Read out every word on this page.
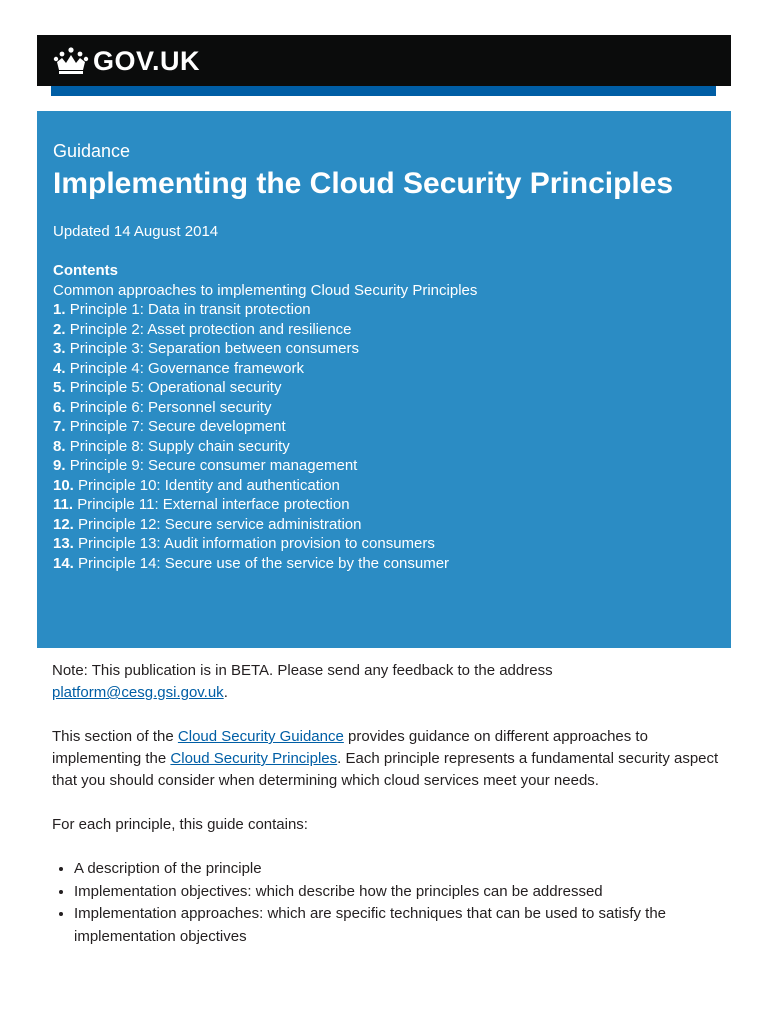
GOV.UK

Guidance

Implementing the Cloud Security Principles

Updated 14 August 2014

Contents
Common approaches to implementing Cloud Security Principles
1. Principle 1: Data in transit protection
2. Principle 2: Asset protection and resilience
3. Principle 3: Separation between consumers
4. Principle 4: Governance framework
5. Principle 5: Operational security
6. Principle 6: Personnel security
7. Principle 7: Secure development
8. Principle 8: Supply chain security
9. Principle 9: Secure consumer management
10. Principle 10: Identity and authentication
11. Principle 11: External interface protection
12. Principle 12: Secure service administration
13. Principle 13: Audit information provision to consumers
14. Principle 14: Secure use of the service by the consumer

Note: This publication is in BETA. Please send any feedback to the address platform@cesg.gsi.gov.uk.

This section of the Cloud Security Guidance provides guidance on different approaches to implementing the Cloud Security Principles. Each principle represents a fundamental security aspect that you should consider when determining which cloud services meet your needs.

For each principle, this guide contains:

• A description of the principle
• Implementation objectives: which describe how the principles can be addressed
• Implementation approaches: which are specific techniques that can be used to satisfy the implementation objectives
